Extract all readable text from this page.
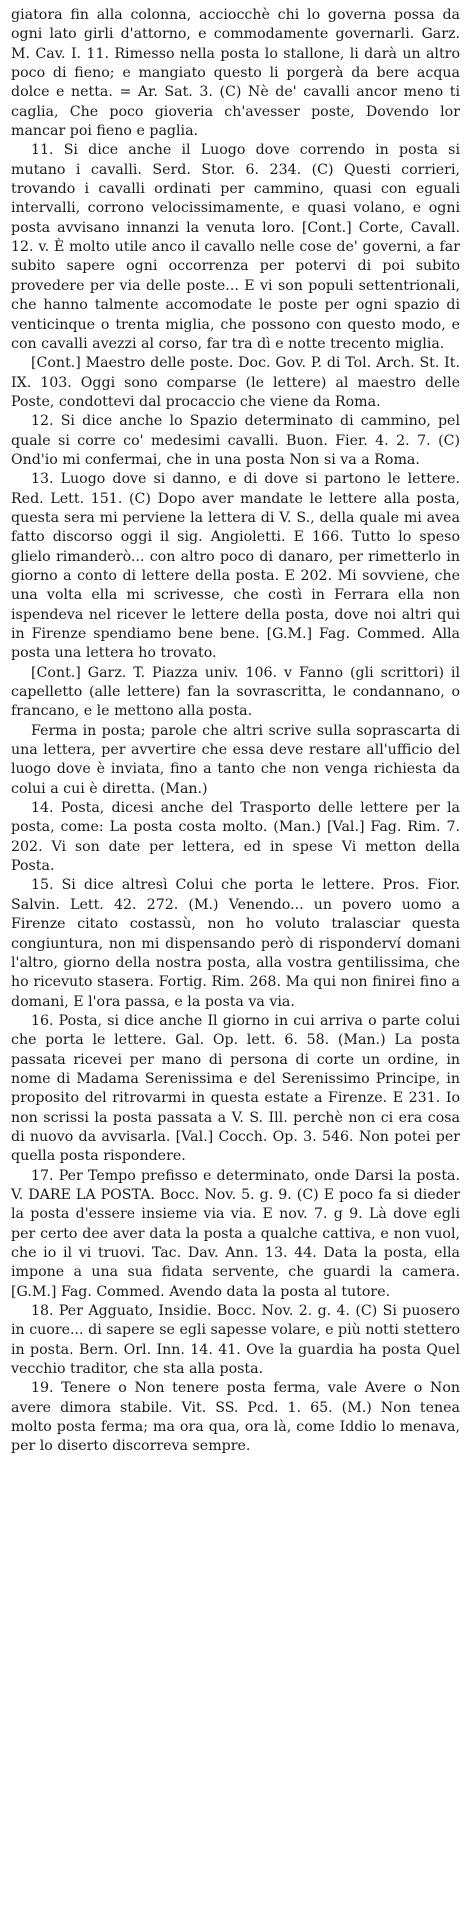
giatora fin alla colonna, acciocchè chi lo governa possa da ogni lato girli d'attorno, e commodamente governarli. Garz. M. Cav. I. 11. Rimesso nella posta lo stallone, li darà un altro poco di fieno; e mangiato questo li porgerà da bere acqua dolce e netta. = Ar. Sat. 3. (C) Nè de' cavalli ancor meno ti caglia, Che poco gioveria ch'avesser poste, Dovendo lor mancar poi fieno e paglia.

11. Si dice anche il Luogo dove correndo in posta si mutano i cavalli. Serd. Stor. 6. 234. (C) Questi corrieri, trovando i cavalli ordinati per cammino, quasi con eguali intervalli, corrono velocissimamente, e quasi volano, e ogni posta avvisano innanzi la venuta loro. [Cont.] Corte, Cavall. 12. v. È molto utile anco il cavallo nelle cose de' governi, a far subito sapere ogni occorrenza per potervi di poi subito provedere per via delle poste... E vi son populi settentrionali, che hanno talmente accomodate le poste per ogni spazio di venticinque o trenta miglia, che possono con questo modo, e con cavalli avezzi al corso, far tra dì e notte trecento miglia.

[Cont.] Maestro delle poste. Doc. Gov. P. di Tol. Arch. St. It. IX. 103. Oggi sono comparse (le lettere) al maestro delle Poste, condottevi dal procaccio che viene da Roma.

12. Si dice anche lo Spazio determinato di cammino, pel quale si corre co' medesimi cavalli. Buon. Fier. 4. 2. 7. (C) Ond'io mi confermai, che in una posta Non si va a Roma.

13. Luogo dove si danno, e di dove si partono le lettere. Red. Lett. 151. (C) Dopo aver mandate le lettere alla posta, questa sera mi perviene la lettera di V. S., della quale mi avea fatto discorso oggi il sig. Angioletti. E 166. Tutto lo speso glielo rimanderò... con altro poco di danaro, per rimetterlo in giorno a conto di lettere della posta. E 202. Mi sovviene, che una volta ella mi scrivesse, che costì in Ferrara ella non ispendeva nel ricever le lettere della posta, dove noi altri qui in Firenze spendiamo bene bene. [G.M.] Fag. Commed. Alla posta una lettera ho trovato.

[Cont.] Garz. T. Piazza univ. 106. v Fanno (gli scrittori) il capelletto (alle lettere) fan la sovrascritta, le condannano, o francano, e le mettono alla posta.

Ferma in posta; parole che altri scrive sulla soprascarta di una lettera, per avvertire che essa deve restare all'ufficio del luogo dove è inviata, fino a tanto che non venga richiesta da colui a cui è diretta. (Man.)

14. Posta, dicesi anche del Trasporto delle lettere per la posta, come: La posta costa molto. (Man.) [Val.] Fag. Rim. 7. 202. Vi son date per lettera, ed in spese Vi metton della Posta.

15. Si dice altresì Colui che porta le lettere. Pros. Fior. Salvin. Lett. 42. 272. (M.) Venendo... un povero uomo a Firenze citato costassù, non ho voluto tralasciar questa congiuntura, non mi dispensando però di risponderví domani l'altro, giorno della nostra posta, alla vostra gentilissima, che ho ricevuto stasera. Fortig. Rim. 268. Ma qui non finirei fino a domani, E l'ora passa, e la posta va via.

16. Posta, si dice anche Il giorno in cui arriva o parte colui che porta le lettere. Gal. Op. lett. 6. 58. (Man.) La posta passata ricevei per mano di persona di corte un ordine, in nome di Madama Serenissima e del Serenissimo Principe, in proposito del ritrovarmi in questa estate a Firenze. E 231. Io non scrissi la posta passata a V. S. Ill. perchè non ci era cosa di nuovo da avvisarla. [Val.] Cocch. Op. 3. 546. Non potei per quella posta rispondere.

17. Per Tempo prefisso e determinato, onde Darsi la posta. V. DARE LA POSTA. Bocc. Nov. 5. g. 9. (C) E poco fa si dieder la posta d'essere insieme via via. E nov. 7. g 9. Là dove egli per certo dee aver data la posta a qualche cattiva, e non vuol, che io il vi truovi. Tac. Dav. Ann. 13. 44. Data la posta, ella impone a una sua fidata servente, che guardi la camera. [G.M.] Fag. Commed. Avendo data la posta al tutore.

18. Per Agguato, Insidie. Bocc. Nov. 2. g. 4. (C) Si puosero in cuore... di sapere se egli sapesse volare, e più notti stettero in posta. Bern. Orl. Inn. 14. 41. Ove la guardia ha posta Quel vecchio traditor, che sta alla posta.

19. Tenere o Non tenere posta ferma, vale Avere o Non avere dimora stabile. Vit. SS. Pcd. 1. 65. (M.) Non tenea molto posta ferma; ma ora qua, ora là, come Iddio lo menava, per lo diserto discorreva sempre.
